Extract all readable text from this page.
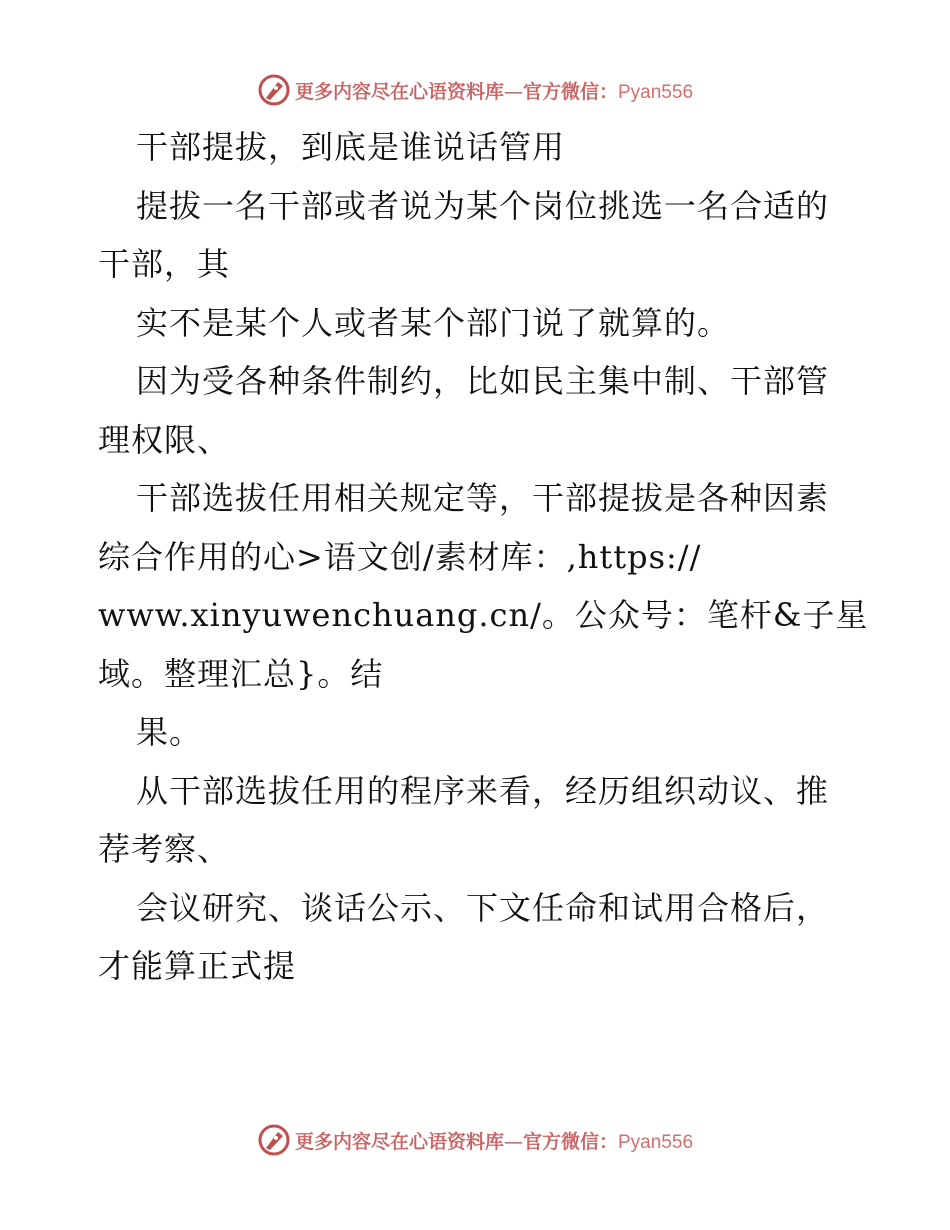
更多内容尽在心语资料库—官方微信：Pyan556
干部提拔，到底是谁说话管用
提拔一名干部或者说为某个岗位挑选一名合适的
干部，其
实不是某个人或者某个部门说了就算的。
因为受各种条件制约，比如民主集中制、干部管
理权限、
干部选拔任用相关规定等，干部提拔是各种因素
综合作用的心>语文创/素材库：,https://
www.xinyuwenchuang.cn/。公众号：笔杆&子星
域。整理汇总}。结
果。
从干部选拔任用的程序来看，经历组织动议、推
荐考察、
会议研究、谈话公示、下文任命和试用合格后，
才能算正式提
更多内容尽在心语资料库—官方微信：Pyan556
